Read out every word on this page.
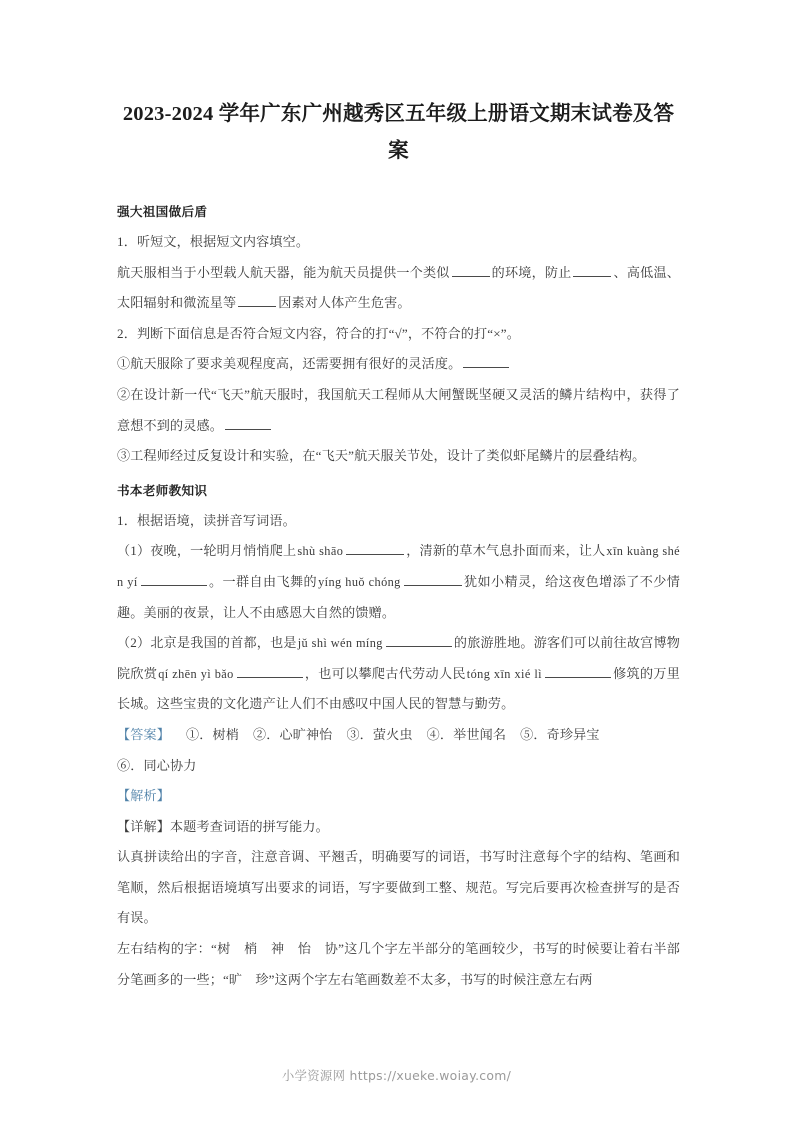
2023-2024 学年广东广州越秀区五年级上册语文期末试卷及答案
强大祖国做后盾

1．听短文，根据短文内容填空。

航天服相当于小型载人航天器，能为航天员提供一个类似	的环境，防止	、高低温、太阳辐射和微流星等	因素对人体产生危害。

2．判断下面信息是否符合短文内容，符合的打“√”，不符合的打“×”。

①航天服除了要求美观程度高，还需要拥有很好的灵活度。

②在设计新一代“飞天”航天服时，我国航天工程师从大闸蟹既坚硬又灵活的鳞片结构中，获得了意想不到的灵感。

③工程师经过反复设计和实验，在“飞天”航天服关节处，设计了类似虾尾鳞片的层叠结构。

书本老师教知识

1．根据语境，读拼音写词语。

（1）夜晚，一轮明月悄悄爬上shù shāo	，清新的草木气息扑面而来，让人xīn kuàng shén yí	。一群自由飞舞的yíng huǒ chóng	犹如小精灵，给这夜色增添了不少情趣。美丽的夜景，让人不由感恩大自然的馈赠。

（2）北京是我国的首都，也是jǔ shì wén míng	的旅游胜地。游客们可以前往故宫博物院欣赏qí zhēn yì bǎo	，也可以攀爬古代劳动人民tóng xīn xié lì	修筑的万里长城。这些宝贵的文化遗产让人们不由感叹中国人民的智慧与勤劳。

【答案】 ①．树梢 ②．心旷神怡 ③．萤火虫 ④．举世闻名 ⑤．奇珍异宝⑥．同心协力

【解析】

【详解】本题考查词语的拼写能力。

认真拼读给出的字音，注意音调、平翘舌，明确要写的词语，书写时注意每个字的结构、笔画和笔顺，然后根据语境填写出要求的词语，写字要做到工整、规范。写完后要再次检查拼写的是否有误。

左右结构的字：“树　梢　神　怡　协”这几个字左半部分的笔画较少，书写的时候要让着右半部分笔画多的一些；“旷　珍”这两个字左右笔画数差不太多，书写的时候注意左右两

小学资源网 https://xueke.woiay.com/
